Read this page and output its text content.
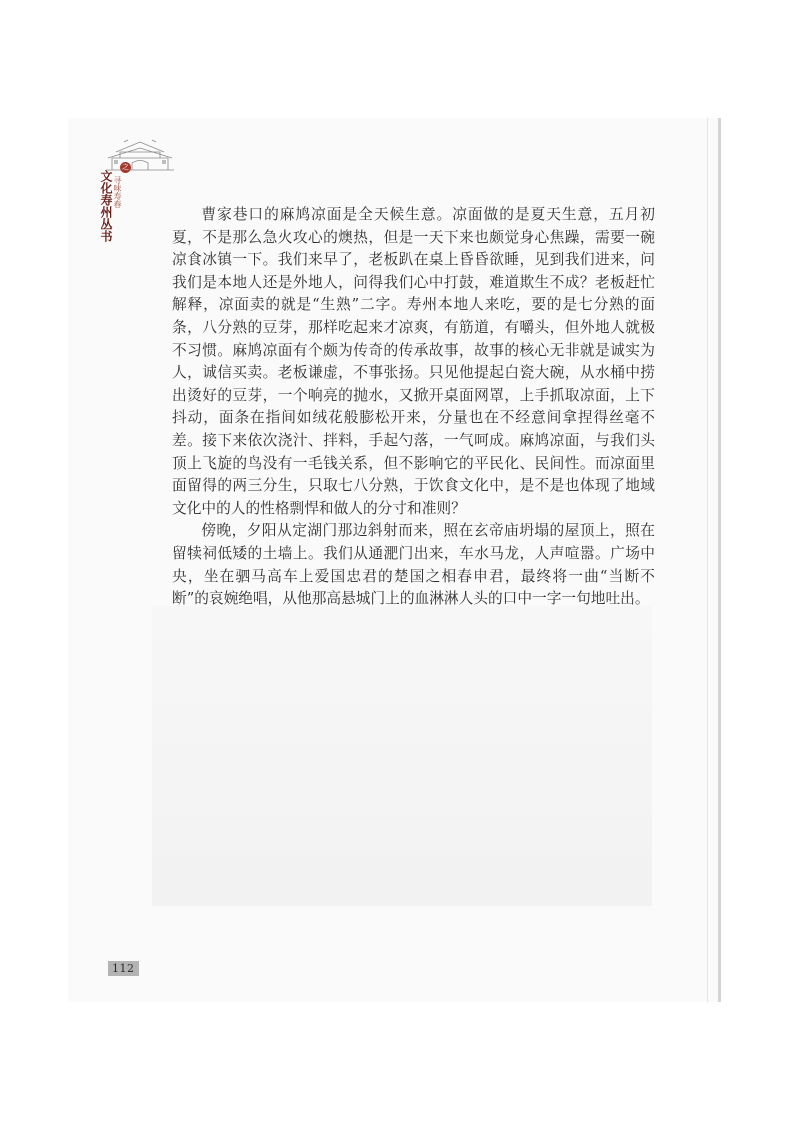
之
文化寿州丛书 寻味寿春

曹家巷口的麻鸠凉面是全天候生意。凉面做的是夏天生意，五月初夏，不是那么急火攻心的燠热，但是一天下来也颇觉身心焦躁，需要一碗凉食冰镇一下。我们来早了，老板趴在桌上昏昏欲睡，见到我们进来，问我们是本地人还是外地人，问得我们心中打鼓，难道欺生不成？老板赶忙解释，凉面卖的就是“生熟”二字。寿州本地人来吃，要的是七分熟的面条，八分熟的豆芽，那样吃起来才凉爽，有筋道，有嚼头，但外地人就极不习惯。麻鸠凉面有个颇为传奇的传承故事，故事的核心无非就是诚实为人，诚信买卖。老板谦虚，不事张扬。只见他提起白瓷大碗，从水桶中捞出烫好的豆芽，一个响亮的抛水，又掀开桌面网罩，上手抓取凉面，上下抖动，面条在指间如绒花般膨松开来，分量也在不经意间拿捏得丝毫不差。接下来依次浇汁、拌料，手起勺落，一气呵成。麻鸠凉面，与我们头顶上飞旋的鸟没有一毛钱关系，但不影响它的平民化、民间性。而凉面里面留得的两三分生，只取七八分熟，于饮食文化中，是不是也体现了地域文化中的人的性格剽悍和做人的分寸和准则？

傍晚，夕阳从定湖门那边斜射而来，照在玄帝庙坍塌的屋顶上，照在留犊祠低矮的土墙上。我们从通淝门出来，车水马龙，人声喧嚣。广场中央，坐在驷马高车上爱国忠君的楚国之相春申君，最终将一曲“当断不断”的哀婉绝唱，从他那高悬城门上的血淋淋人头的口中一字一句地吐出。

112
